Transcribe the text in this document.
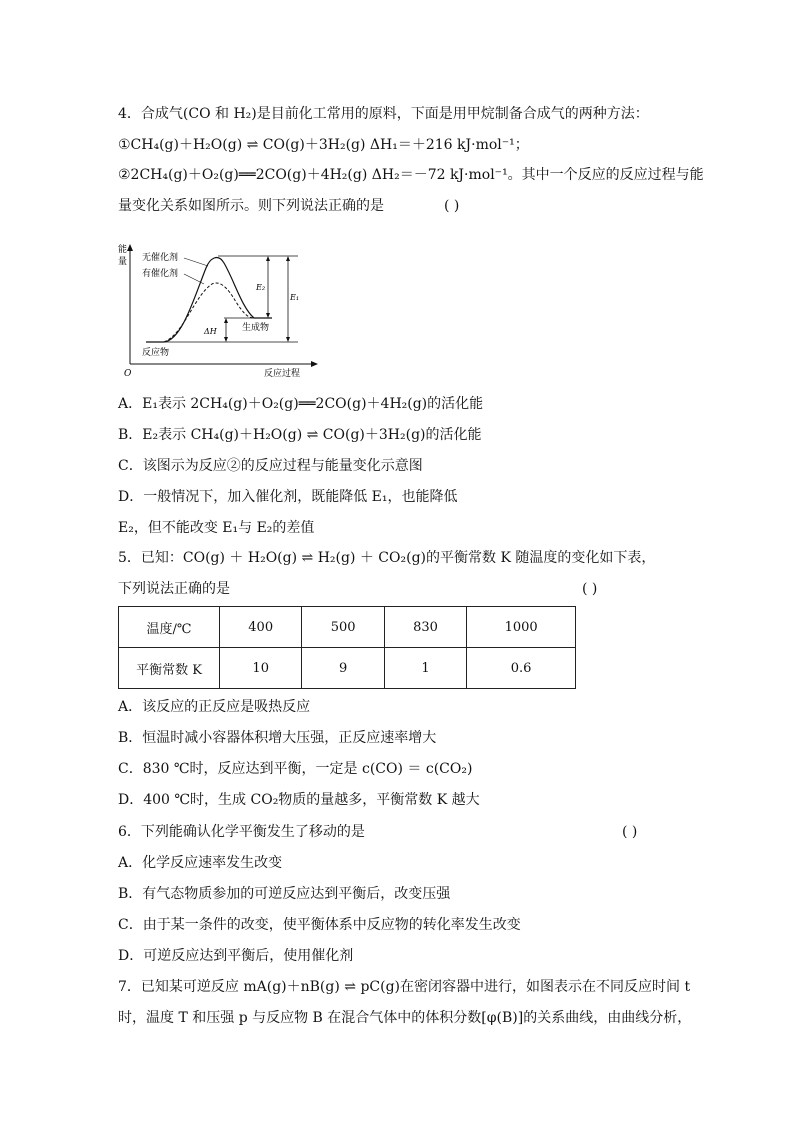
4．合成气(CO 和 H₂)是目前化工常用的原料，下面是用甲烷制备合成气的两种方法：
①CH₄(g)＋H₂O(g) ⇌ CO(g)＋3H₂(g) ΔH₁＝＋216 kJ·mol⁻¹；
②2CH₄(g)＋O₂(g)══2CO(g)＋4H₂(g) ΔH₂＝－72 kJ·mol⁻¹。其中一个反应的反应过程与能
量变化关系如图所示。则下列说法正确的是	( )
能
量
O	反应过程
无催化剂
有催化剂
E₂
E₁
ΔH	生成物
反应物
A．E₁表示 2CH₄(g)＋O₂(g)══2CO(g)＋4H₂(g)的活化能
B．E₂表示 CH₄(g)＋H₂O(g) ⇌ CO(g)＋3H₂(g)的活化能
C．该图示为反应②的反应过程与能量变化示意图
D．一般情况下，加入催化剂，既能降低 E₁，也能降低
E₂，但不能改变 E₁与 E₂的差值
5．已知：CO(g) ＋ H₂O(g) ⇌ H₂(g) ＋ CO₂(g)的平衡常数 K 随温度的变化如下表，
下列说法正确的是	( )
温度/℃	400	500	830	1000
平衡常数 K	10	9	1	0.6
A．该反应的正反应是吸热反应
B．恒温时减小容器体积增大压强，正反应速率增大
C．830 ℃时，反应达到平衡，一定是 c(CO) ＝ c(CO₂)
D．400 ℃时，生成 CO₂物质的量越多，平衡常数 K 越大
6．下列能确认化学平衡发生了移动的是	( )
A．化学反应速率发生改变
B．有气态物质参加的可逆反应达到平衡后，改变压强
C．由于某一条件的改变，使平衡体系中反应物的转化率发生改变
D．可逆反应达到平衡后，使用催化剂
7．已知某可逆反应 mA(g)＋nB(g) ⇌ pC(g)在密闭容器中进行，如图表示在不同反应时间 t
时，温度 T 和压强 p 与反应物 B 在混合气体中的体积分数[φ(B)]的关系曲线，由曲线分析，
